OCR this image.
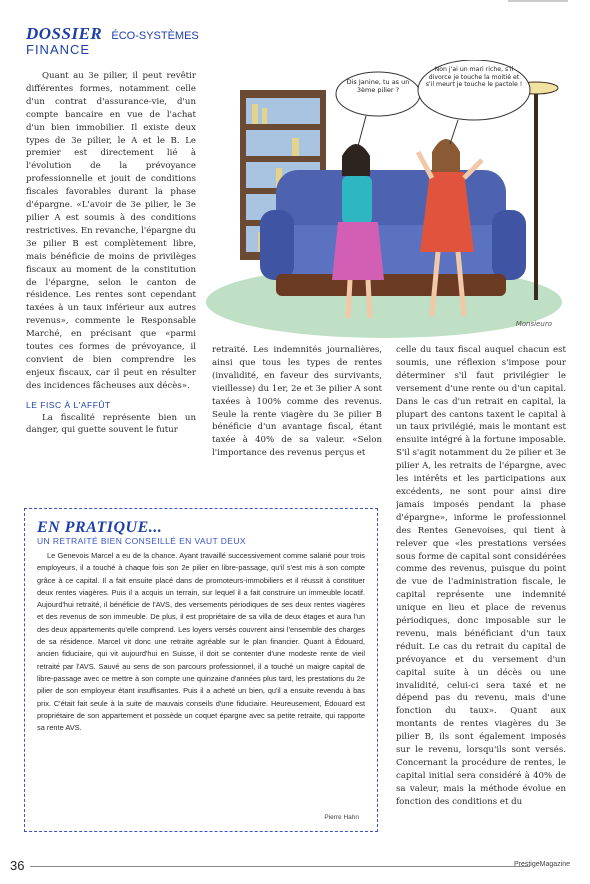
DOSSIER ÉCO-SYSTÈMES
FINANCE

Quant au 3e pilier, il peut revêtir différentes formes, notamment celle d'un contrat d'assurance-vie, d'un compte bancaire en vue de l'achat d'un bien immobilier. Il existe deux types de 3e pilier, le A et le B. Le premier est directement lié à l'évolution de la prévoyance professionnelle et jouit de conditions fiscales favorables durant la phase d'épargne. «L'avoir de 3e pilier, le 3e pilier A est soumis à des conditions restrictives. En revanche, l'épargne du 3e pilier B est complètement libre, mais bénéficie de moins de privilèges fiscaux au moment de la constitution de l'épargne, selon le canton de résidence. Les rentes sont cependant taxées à un taux inférieur aux autres revenus», commente le Responsable Marché, en précisant que «parmi toutes ces formes de prévoyance, il convient de bien comprendre les enjeux fiscaux, car il peut en résulter des incidences fâcheuses aux décès».

LE FISC À L'AFFÛT

La fiscalité représente bien un danger, qui guette souvent le futur

Dis Janine, tu as un 3ème pilier ?
Non j'ai un mari riche, s'il divorce je touche la moitié et s'il meurt je touche le pactole !
Monsieuro

retraité. Les indemnités journalières, ainsi que tous les types de rentes (invalidité, en faveur des survivants, vieillesse) du 1er, 2e et 3e pilier A sont taxées à 100% comme des revenus. Seule la rente viagère du 3e pilier B bénéficie d'un avantage fiscal, étant taxée à 40% de sa valeur. «Selon l'importance des revenus perçus et

celle du taux fiscal auquel chacun est soumis, une réflexion s'impose pour déterminer s'il faut privilégier le versement d'une rente ou d'un capital. Dans le cas d'un retrait en capital, la plupart des cantons taxent le capital à un taux privilégié, mais le montant est ensuite intégré à la fortune imposable. S'il s'agit notamment du 2e pilier et 3e pilier A, les retraits de l'épargne, avec les intérêts et les participations aux excédents, ne sont pour ainsi dire jamais imposés pendant la phase d'épargne», informe le professionnel des Rentes Genevoises, qui tient à relever que «les prestations versées sous forme de capital sont considérées comme des revenus, puisque du point de vue de l'administration fiscale, le capital représente une indemnité unique en lieu et place de revenus périodiques, donc imposable sur le revenu, mais bénéficiant d'un taux réduit. Le cas du retrait du capital de prévoyance et du versement d'un capital suite à un décès ou une invalidité, celui-ci sera taxé et ne dépend pas du revenu, mais d'une fonction du taux». Quant aux montants de rentes viagères du 3e pilier B, ils sont également imposés sur le revenu, lorsqu'ils sont versés. Concernant la procédure de rentes, le capital initial sera considéré à 40% de sa valeur, mais la méthode évolue en fonction des conditions et du

EN PRATIQUE...
UN RETRAITÉ BIEN CONSEILLÉ EN VAUT DEUX
Le Genevois Marcel a eu de la chance. Ayant travaillé successivement comme salarié pour trois employeurs, il a touché à chaque fois son 2e pilier en libre-passage, qu'il s'est mis à son compte grâce à ce capital. Il a fait ensuite placé dans de promoteurs-immobiliers et il réussit à constituer deux rentes viagères. Puis il a acquis un terrain, sur lequel il a fait construire un immeuble locatif. Aujourd'hui retraité, il bénéficie de l'AVS, des versements périodiques de ses deux rentes viagères et des revenus de son immeuble. De plus, il est propriétaire de sa villa de deux étages et aura l'un des deux appartements qu'elle comprend. Les loyers versés couvrent ainsi l'ensemble des charges de sa résidence. Marcel vit donc une retraite agréable sur le plan financier. Quant à Édouard, ancien fiduciaire, qui vit aujourd'hui en Suisse, il doit se contenter d'une modeste rente de vieil retraité par l'AVS. Sauvé au sens de son parcours professionnel, il a touché un maigre capital de libre-passage avec ce mettre à son compte une quinzaine d'années plus tard, les prestations du 2e pilier de son employeur étant insuffisantes. Puis il a acheté un bien, qu'il a ensuite revendu à bas prix. C'était fait seule à la suite de mauvais conseils d'une fiduciaire. Heureusement, Édouard est propriétaire de son appartement et possède un coquet épargne avec sa petite retraite, qui rapporte sa rente AVS.
Pierre Hahn
36	PrestigeMagazine
